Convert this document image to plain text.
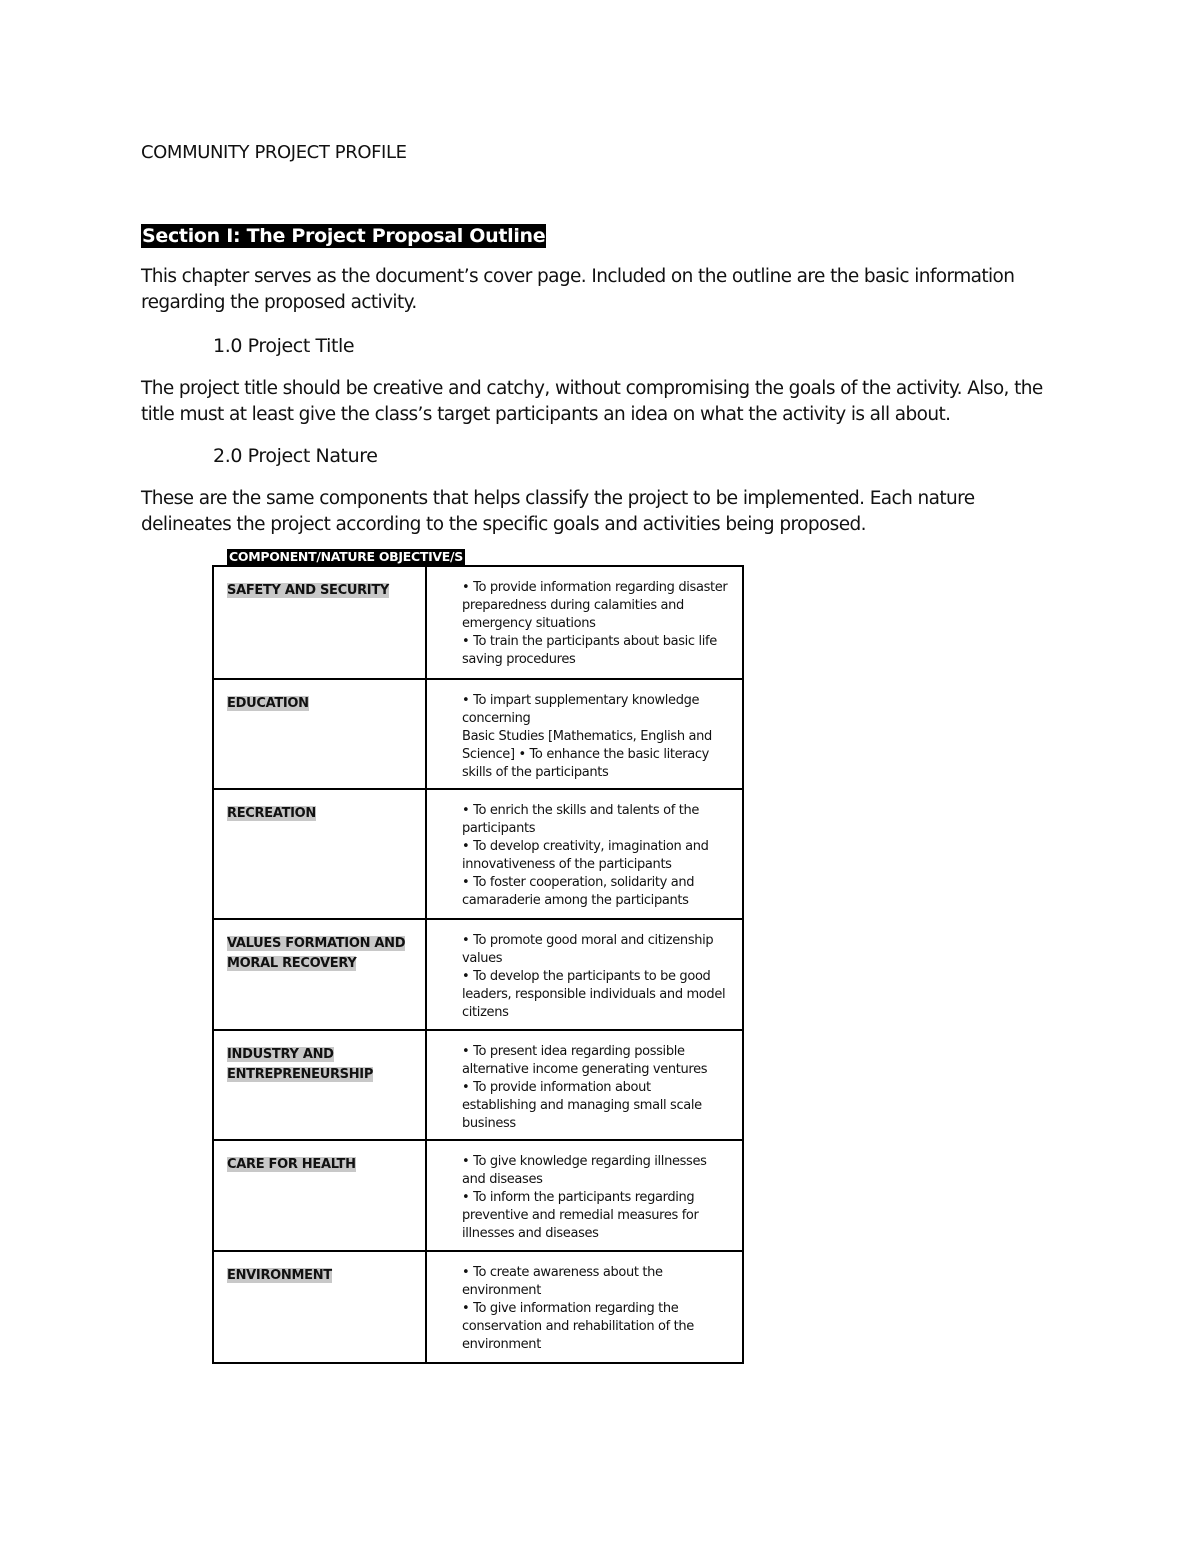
COMMUNITY PROJECT PROFILE
Section I: The Project Proposal Outline

This chapter serves as the document’s cover page. Included on the outline are the basic information regarding the proposed activity.

1.0 Project Title

The project title should be creative and catchy, without compromising the goals of the activity. Also, the title must at least give the class’s target participants an idea on what the activity is all about.

2.0 Project Nature

These are the same components that helps classify the project to be implemented. Each nature delineates the project according to the specific goals and activities being proposed.

COMPONENT/NATURE OBJECTIVE/S
SAFETY AND SECURITY	• To provide information regarding disaster preparedness during calamities and emergency situations
• To train the participants about basic life saving procedures

EDUCATION	• To impart supplementary knowledge concerning
Basic Studies [Mathematics, English and Science] • To enhance the basic literacy skills of the participants

RECREATION	• To enrich the skills and talents of the participants
• To develop creativity, imagination and innovativeness of the participants
• To foster cooperation, solidarity and camaraderie among the participants

VALUES FORMATION AND MORAL RECOVERY	• To promote good moral and citizenship values
• To develop the participants to be good leaders, responsible individuals and model citizens

INDUSTRY AND ENTREPRENEURSHIP	• To present idea regarding possible alternative income generating ventures
• To provide information about establishing and managing small scale business

CARE FOR HEALTH	• To give knowledge regarding illnesses and diseases
• To inform the participants regarding preventive and remedial measures for illnesses and diseases

ENVIRONMENT	• To create awareness about the environment
• To give information regarding the conservation and rehabilitation of the environment
